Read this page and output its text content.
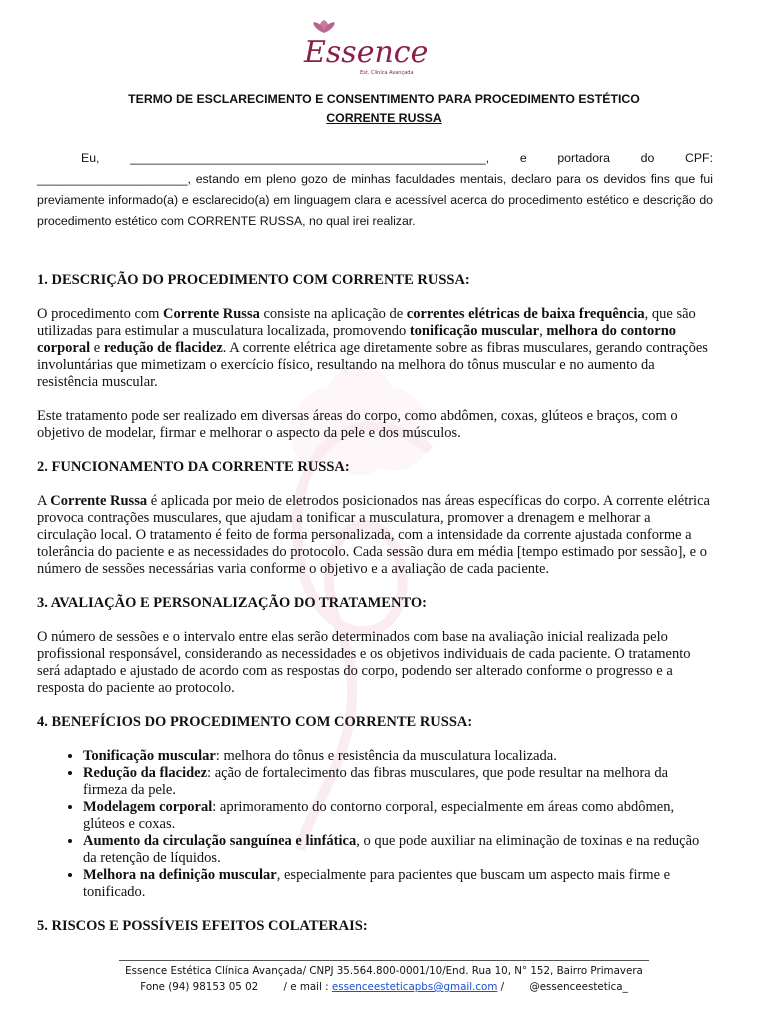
Essence
Est. Clínica Avançada
TERMO DE ESCLARECIMENTO E CONSENTIMENTO PARA PROCEDIMENTO ESTÉTICO
CORRENTE RUSSA
Eu, ____________________________________________________, e portadora do CPF:
______________________, estando em pleno gozo de minhas faculdades mentais, declaro para os devidos fins que fui previamente informado(a) e esclarecido(a) em linguagem clara e acessível acerca do procedimento estético e descrição do procedimento estético com CORRENTE RUSSA, no qual irei realizar.
1. DESCRIÇÃO DO PROCEDIMENTO COM CORRENTE RUSSA:

O procedimento com Corrente Russa consiste na aplicação de correntes elétricas de baixa frequência, que são utilizadas para estimular a musculatura localizada, promovendo tonificação muscular, melhora do contorno corporal e redução de flacidez. A corrente elétrica age diretamente sobre as fibras musculares, gerando contrações involuntárias que mimetizam o exercício físico, resultando na melhora do tônus muscular e no aumento da resistência muscular.

Este tratamento pode ser realizado em diversas áreas do corpo, como abdômen, coxas, glúteos e braços, com o objetivo de modelar, firmar e melhorar o aspecto da pele e dos músculos.

2. FUNCIONAMENTO DA CORRENTE RUSSA:

A Corrente Russa é aplicada por meio de eletrodos posicionados nas áreas específicas do corpo. A corrente elétrica provoca contrações musculares, que ajudam a tonificar a musculatura, promover a drenagem e melhorar a circulação local. O tratamento é feito de forma personalizada, com a intensidade da corrente ajustada conforme a tolerância do paciente e as necessidades do protocolo. Cada sessão dura em média [tempo estimado por sessão], e o número de sessões necessárias varia conforme o objetivo e a avaliação de cada paciente.

3. AVALIAÇÃO E PERSONALIZAÇÃO DO TRATAMENTO:

O número de sessões e o intervalo entre elas serão determinados com base na avaliação inicial realizada pelo profissional responsável, considerando as necessidades e os objetivos individuais de cada paciente. O tratamento será adaptado e ajustado de acordo com as respostas do corpo, podendo ser alterado conforme o progresso e a resposta do paciente ao protocolo.

4. BENEFÍCIOS DO PROCEDIMENTO COM CORRENTE RUSSA:
• Tonificação muscular: melhora do tônus e resistência da musculatura localizada.
• Redução da flacidez: ação de fortalecimento das fibras musculares, que pode resultar na melhora da firmeza da pele.
• Modelagem corporal: aprimoramento do contorno corporal, especialmente em áreas como abdômen, glúteos e coxas.
• Aumento da circulação sanguínea e linfática, o que pode auxiliar na eliminação de toxinas e na redução da retenção de líquidos.
• Melhora na definição muscular, especialmente para pacientes que buscam um aspecto mais firme e tonificado.
5. RISCOS E POSSÍVEIS EFEITOS COLATERAIS:
Essence Estética Clínica Avançada/ CNPJ 35.564.800-0001/10/End. Rua 10, N° 152, Bairro Primavera
Fone (94) 98153 05 02 / e mail : essenceesteticapbs@gmail.com / @essenceestetica_
